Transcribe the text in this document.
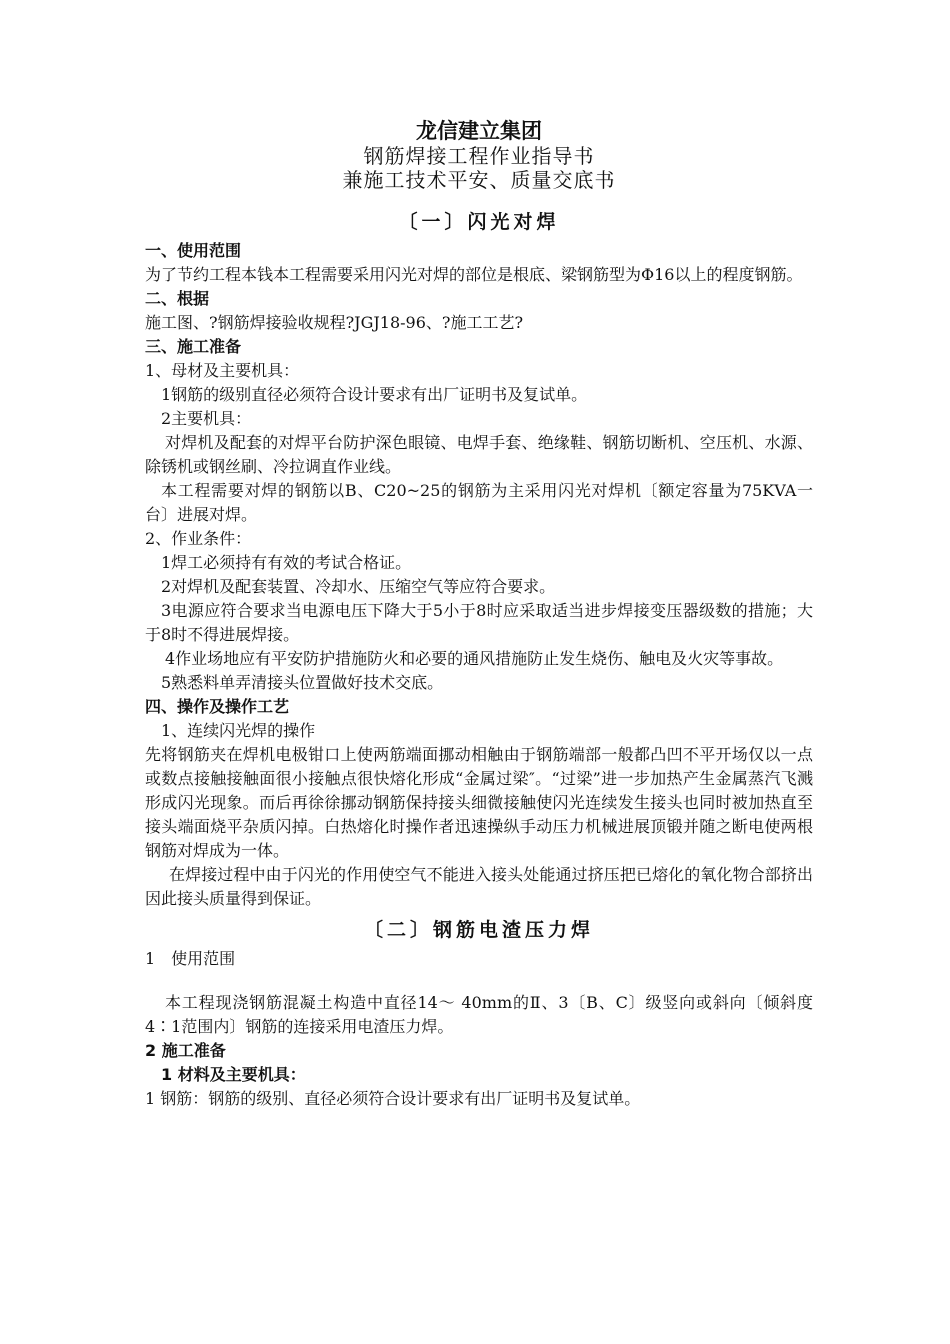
龙信建立集团
钢筋焊接工程作业指导书
兼施工技术平安、质量交底书
〔一〕闪光对焊
一、使用范围
为了节约工程本钱本工程需要采用闪光对焊的部位是根底、梁钢筋型为Φ16以上的程度钢筋。
二、根据
施工图、?钢筋焊接验收规程?JGJ18-96、?施工工艺?
三、施工准备
1、母材及主要机具：
1钢筋的级别直径必须符合设计要求有出厂证明书及复试单。
2主要机具：
对焊机及配套的对焊平台防护深色眼镜、电焊手套、绝缘鞋、钢筋切断机、空压机、水源、除锈机或钢丝刷、冷拉调直作业线。
本工程需要对焊的钢筋以B、C20~25的钢筋为主采用闪光对焊机〔额定容量为75KVA一台〕进展对焊。
2、作业条件：
1焊工必须持有有效的考试合格证。
2对焊机及配套装置、冷却水、压缩空气等应符合要求。
3电源应符合要求当电源电压下降大于5小于8时应采取适当进步焊接变压器级数的措施；大于8时不得进展焊接。
4作业场地应有平安防护措施防火和必要的通风措施防止发生烧伤、触电及火灾等事故。
5熟悉料单弄清接头位置做好技术交底。
四、操作及操作工艺
1、连续闪光焊的操作
先将钢筋夹在焊机电极钳口上使两筋端面挪动相触由于钢筋端部一般都凸凹不平开场仅以一点或数点接触接触面很小接触点很快熔化形成“金属过梁″。“过梁”进一步加热产生金属蒸汽飞溅形成闪光现象。而后再徐徐挪动钢筋保持接头细微接触使闪光连续发生接头也同时被加热直至接头端面烧平杂质闪掉。白热熔化时操作者迅速操纵手动压力机械进展顶锻并随之断电使两根钢筋对焊成为一体。
在焊接过程中由于闪光的作用使空气不能进入接头处能通过挤压把已熔化的氧化物合部挤出因此接头质量得到保证。
〔二〕钢筋电渣压力焊
1　使用范围
本工程现浇钢筋混凝土构造中直径14～ 40mm的Ⅱ、3〔B、C〕级竖向或斜向〔倾斜度4∶1范围内〕钢筋的连接采用电渣压力焊。
2 施工准备
1 材料及主要机具：
1 钢筋：钢筋的级别、直径必须符合设计要求有出厂证明书及复试单。
